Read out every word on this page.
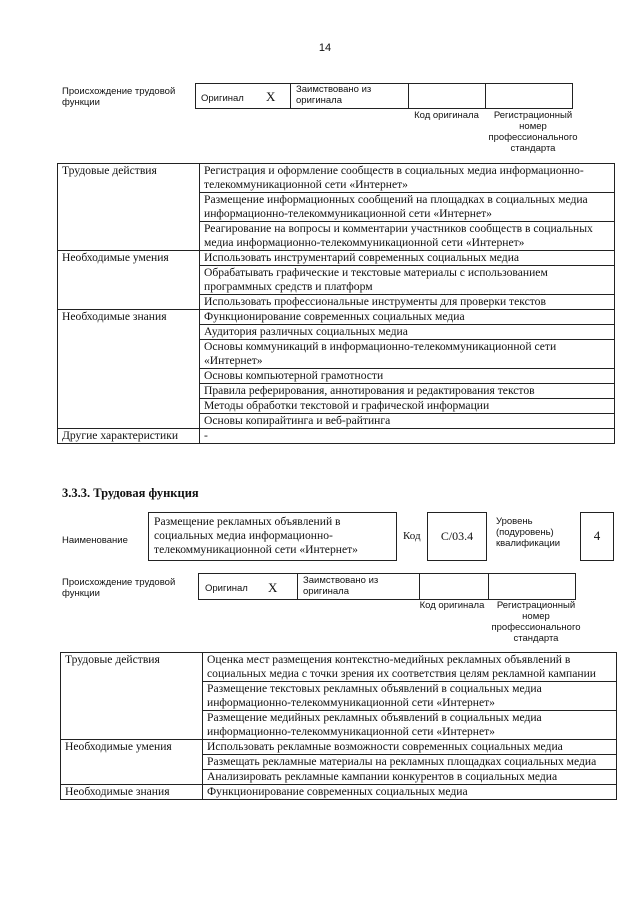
14
Происхождение трудовой функции	Оригинал X Заимствовано из оригинала
Код оригинала	Регистрационный номер профессионального стандарта
Трудовые действия	Регистрация и оформление сообществ в социальных медиа информационно-телекоммуникационной сети «Интернет»
	Размещение информационных сообщений на площадках в социальных медиа информационно-телекоммуникационной сети «Интернет»
	Реагирование на вопросы и комментарии участников сообществ в социальных медиа информационно-телекоммуникационной сети «Интернет»
Необходимые умения	Использовать инструментарий современных социальных медиа
	Обрабатывать графические и текстовые материалы с использованием программных средств и платформ
	Использовать профессиональные инструменты для проверки текстов
Необходимые знания	Функционирование современных социальных медиа
	Аудитория различных социальных медиа
	Основы коммуникаций в информационно-телекоммуникационной сети «Интернет»
	Основы компьютерной грамотности
	Правила реферирования, аннотирования и редактирования текстов
	Методы обработки текстовой и графической информации
	Основы копирайтинга и веб-райтинга
Другие характеристики	-
3.3.3. Трудовая функция
Наименование
Размещение рекламных объявлений в социальных медиа информационно-телекоммуникационной сети «Интернет»
Код	C/03.4
Уровень (подуровень) квалификации
4
Происхождение трудовой функции	Оригинал X	Заимствовано из оригинала
Код оригинала	Регистрационный номер профессионального стандарта
Трудовые действия	Оценка мест размещения контекстно-медийных рекламных объявлений в социальных медиа с точки зрения их соответствия целям рекламной кампании
	Размещение текстовых рекламных объявлений в социальных медиа информационно-телекоммуникационной сети «Интернет»
	Размещение медийных рекламных объявлений в социальных медиа информационно-телекоммуникационной сети «Интернет»
Необходимые умения	Использовать рекламные возможности современных социальных медиа
	Размещать рекламные материалы на рекламных площадках социальных медиа
	Анализировать рекламные кампании конкурентов в социальных медиа
Необходимые знания	Функционирование современных социальных медиа
